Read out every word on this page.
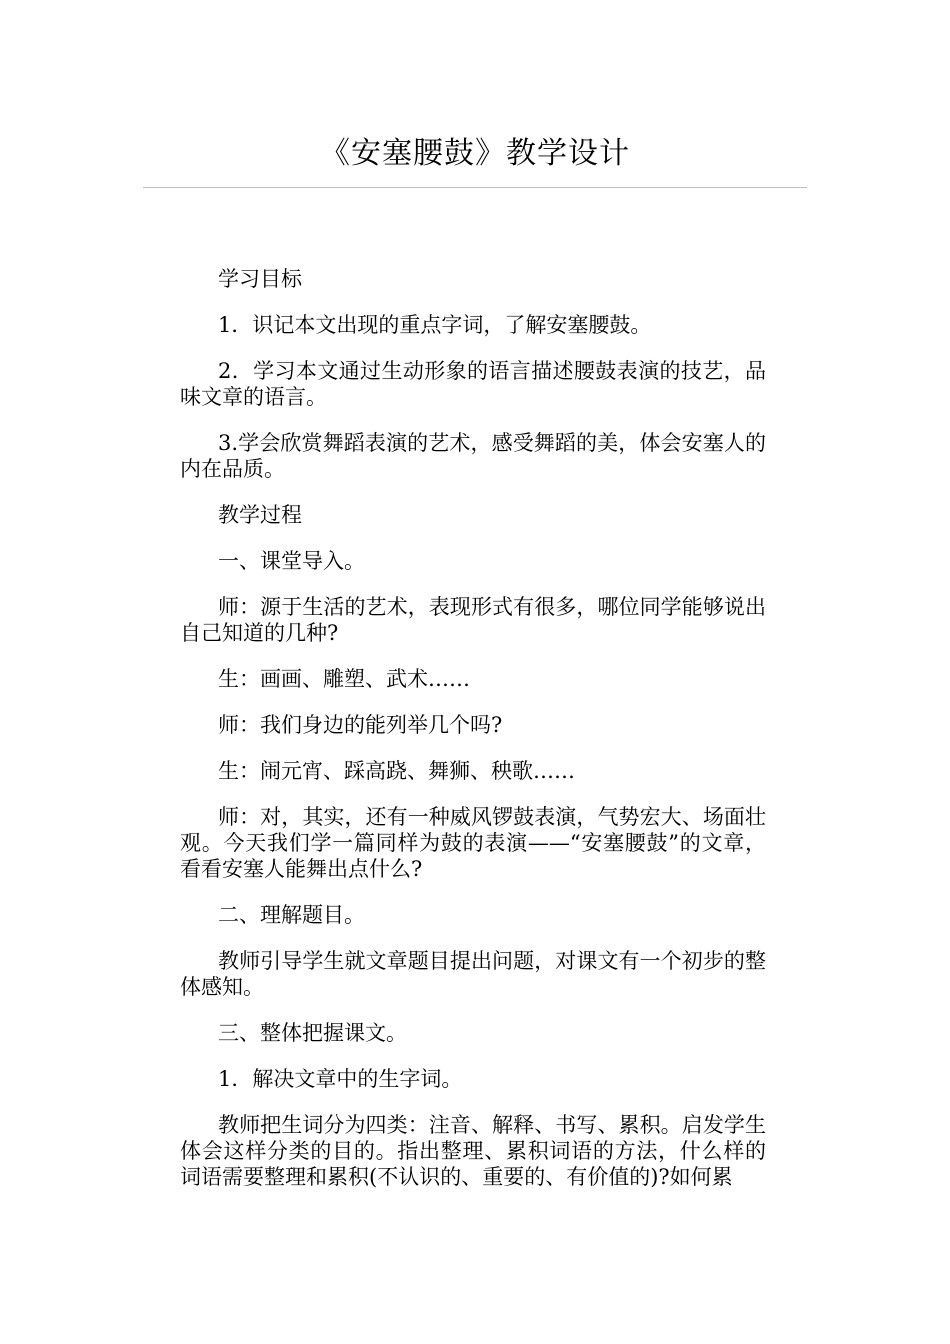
《安塞腰鼓》教学设计

学习目标

1．识记本文出现的重点字词，了解安塞腰鼓。

2．学习本文通过生动形象的语言描述腰鼓表演的技艺，品味文章的语言。

3.学会欣赏舞蹈表演的艺术，感受舞蹈的美，体会安塞人的内在品质。

教学过程

一、课堂导入。

师：源于生活的艺术，表现形式有很多，哪位同学能够说出自己知道的几种?

生：画画、雕塑、武术……

师：我们身边的能列举几个吗?

生：闹元宵、踩高跷、舞狮、秧歌……

师：对，其实，还有一种威风锣鼓表演，气势宏大、场面壮观。今天我们学一篇同样为鼓的表演——“安塞腰鼓”的文章，看看安塞人能舞出点什么?

二、理解题目。

教师引导学生就文章题目提出问题，对课文有一个初步的整体感知。

三、整体把握课文。

1．解决文章中的生字词。

教师把生词分为四类：注音、解释、书写、累积。启发学生体会这样分类的目的。指出整理、累积词语的方法，什么样的词语需要整理和累积(不认识的、重要的、有价值的)?如何累
